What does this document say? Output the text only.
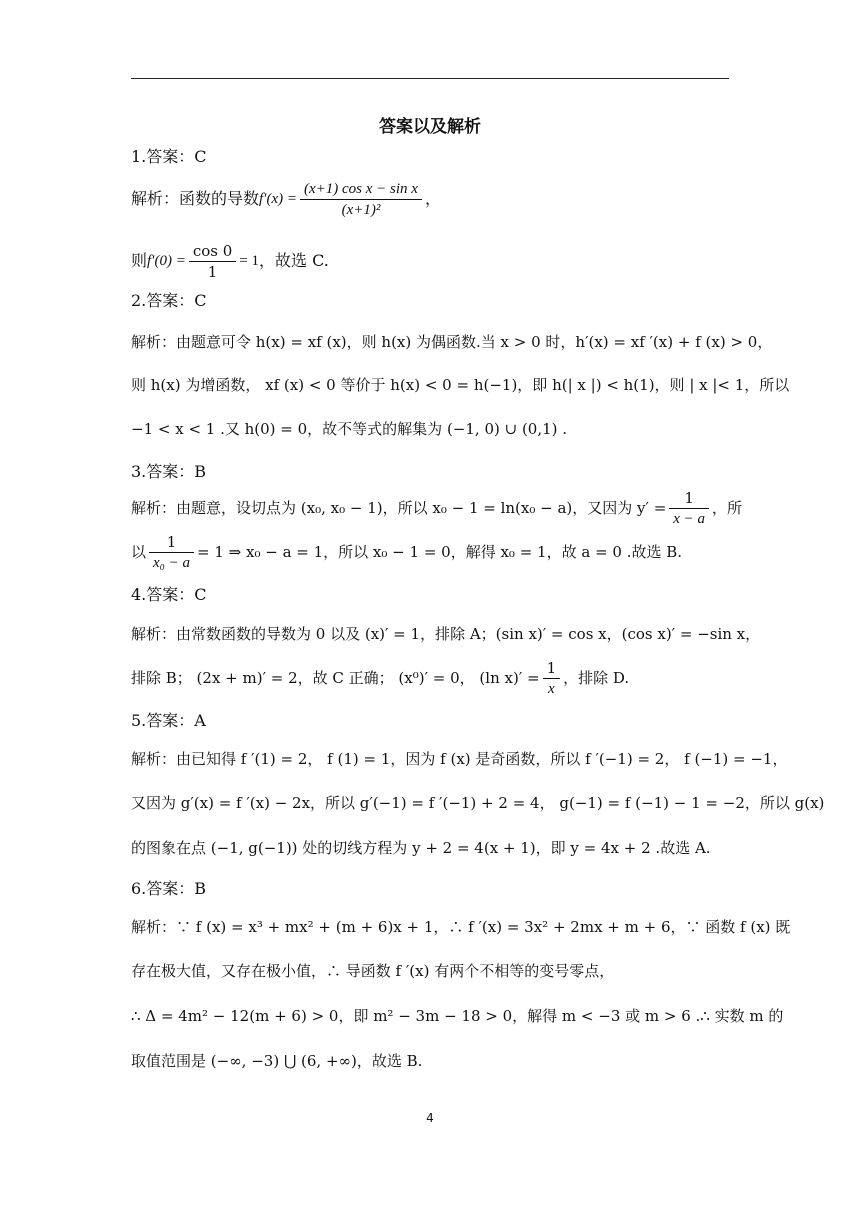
答案以及解析
1.答案：C
解析：函数的导数 $f'(x) = \frac{\text{(x+1) cos x − sin x}}{\text{(x+1)²}}$ ，
则 $f'(0) = \frac{\cos 0}{1} = 1$ ，故选 C.
2.答案：C
解析：由题意可令 h(x) = xf (x)，则 h(x) 为偶函数.当 x > 0 时，h′(x) = xf ′(x) + f (x) > 0，
则 h(x) 为增函数， xf (x) < 0 等价于 h(x) < 0 = h(−1)，即 h(| x |) < h(1)，则 | x |< 1，所以
−1 < x < 1 .又 h(0) = 0，故不等式的解集为 (−1, 0) ∪ (0,1) .
3.答案：B
解析：由题意，设切点为 (x₀, x₀ − 1)，所以 x₀ − 1 = ln(x₀ − a)，又因为 $y' = \frac{1}{x - a}$ ，所
以 $\frac{1}{\text{x₀ − a}} = 1$ ⇒ x₀ − a = 1，所以 x₀ − 1 = 0，解得 x₀ = 1，故 a = 0 .故选 B.
4.答案：C
解析：由常数函数的导数为 0 以及 (x)′ = 1，排除 A；(sin x)′ = cos x，(cos x)′ = −sin x，
排除 B； (2x + m)′ = 2，故 C 正确； (x⁰)′ = 0， (ln $x)' = \frac{1}{x}$ ，排除 D.
5.答案：A
解析：由已知得 f ′(1) = 2， f (1) = 1，因为 f (x) 是奇函数，所以 f ′(−1) = 2， f (−1) = −1，
又因为 g′(x) = f ′(x) − 2x，所以 g′(−1) = f ′(−1) + 2 = 4， g(−1) = f (−1) − 1 = −2，所以 g(x)
的图象在点 (−1, g(−1)) 处的切线方程为 y + 2 = 4(x + 1)，即 y = 4x + 2 .故选 A.
6.答案：B
解析：∵ f (x) = x³ + mx² + (m + 6)x + 1，∴ f ′(x) = 3x² + 2mx + m + 6，∵ 函数 f (x) 既
存在极大值，又存在极小值，∴ 导函数 f ′(x) 有两个不相等的变号零点，
∴ Δ = 4m² − 12(m + 6) > 0，即 m² − 3m − 18 > 0，解得 m < −3 或 m > 6 .∴ 实数 m 的
取值范围是 (−∞, −3) ⋃ (6, +∞)，故选 B.
4
